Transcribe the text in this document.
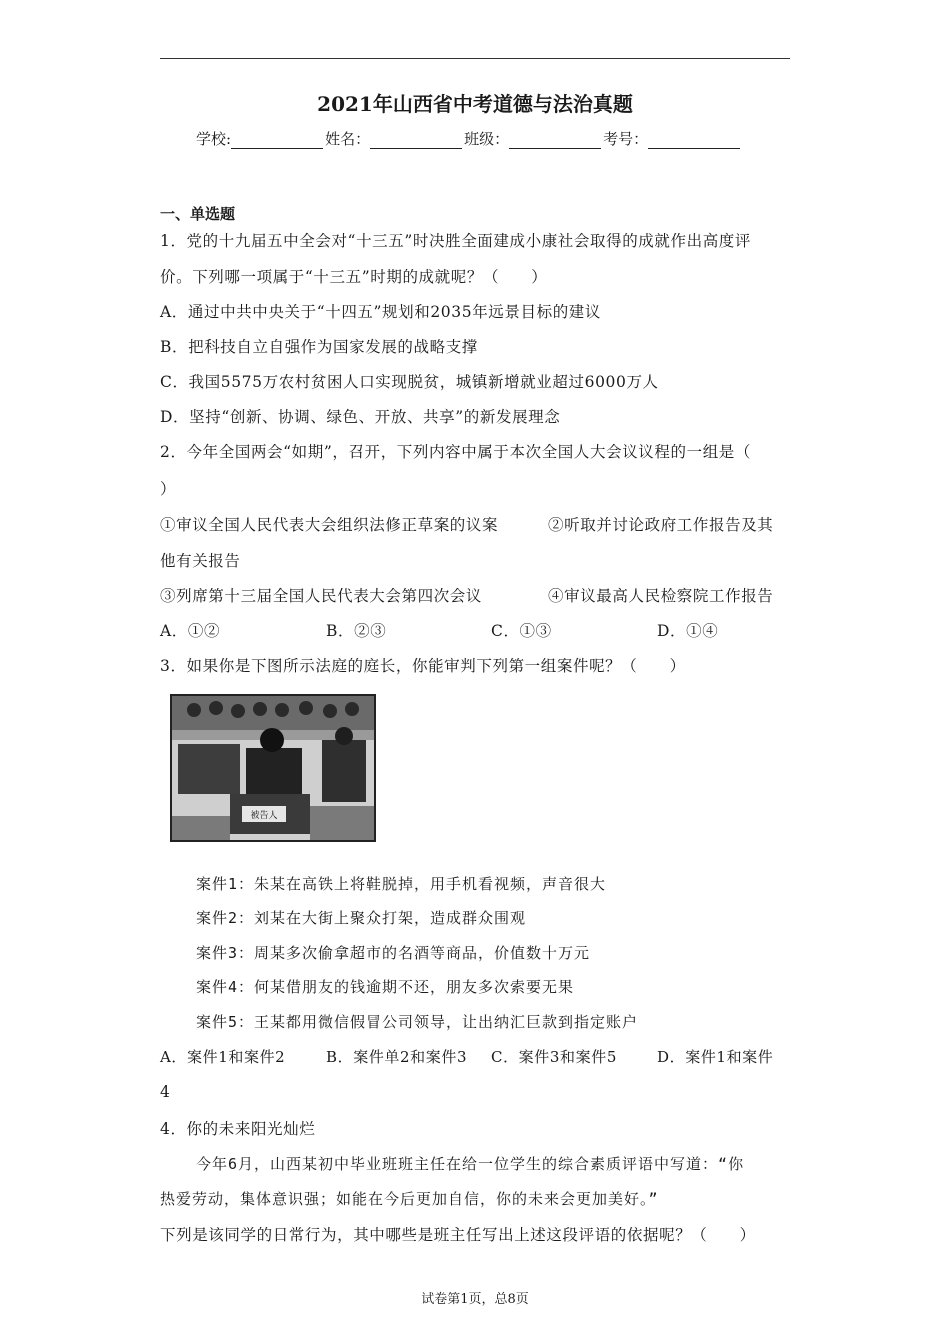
2021年山西省中考道德与法治真题
学校:	姓名：	班级：	考号：
一、单选题
1．党的十九届五中全会对“十三五”时决胜全面建成小康社会取得的成就作出高度评
价。下列哪一项属于“十三五”时期的成就呢？（　　）
A．通过中共中央关于“十四五”规划和2035年远景目标的建议
B．把科技自立自强作为国家发展的战略支撑
C．我国5575万农村贫困人口实现脱贫，城镇新增就业超过6000万人
D．坚持“创新、协调、绿色、开放、共享”的新发展理念
2．今年全国两会“如期”，召开，下列内容中属于本次全国人大会议议程的一组是（
）
①审议全国人民代表大会组织法修正草案的议案	②听取并讨论政府工作报告及其
他有关报告
③列席第十三届全国人民代表大会第四次会议	④审议最高人民检察院工作报告
A．①②	B．②③	C．①③	D．①④
3．如果你是下图所示法庭的庭长，你能审判下列第一组案件呢？（　　）
被告人
案件1：朱某在高铁上将鞋脱掉，用手机看视频，声音很大
案件2：刘某在大街上聚众打架，造成群众围观
案件3：周某多次偷拿超市的名酒等商品，价值数十万元
案件4：何某借朋友的钱逾期不还，朋友多次索要无果
案件5：王某都用微信假冒公司领导，让出纳汇巨款到指定账户
A．案件1和案件2	B．案件单2和案件3 C．案件3和案件5	D．案件1和案件
4
4．你的未来阳光灿烂
今年6月，山西某初中毕业班班主任在给一位学生的综合素质评语中写道：“你
热爱劳动，集体意识强；如能在今后更加自信，你的未来会更加美好。”
下列是该同学的日常行为，其中哪些是班主任写出上述这段评语的依据呢？（　　）
试卷第1页，总8页
